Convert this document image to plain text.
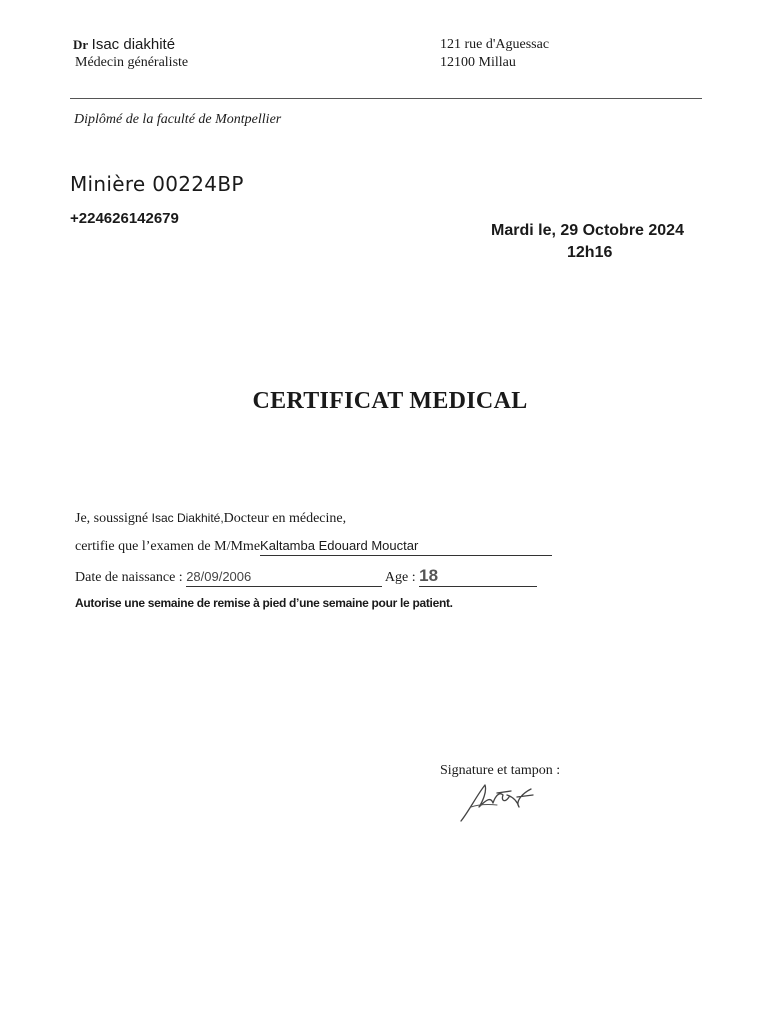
Dr Isac diakhité
Médecin généraliste
121 rue d'Aguessac
12100 Millau
Diplômé de la faculté de Montpellier
Minière 00224BP
+224626142679
Mardi le, 29 Octobre 2024
12h16
CERTIFICAT MEDICAL
Je, soussigné Isac Diakhité,Docteur en médecine,
certifie que l’examen de M/MmeKaltamba Edouard Mouctar
Date de naissance : 28/09/2006	Age : 18
Autorise une semaine de remise à pied d’une semaine pour le patient.
Signature et tampon :
